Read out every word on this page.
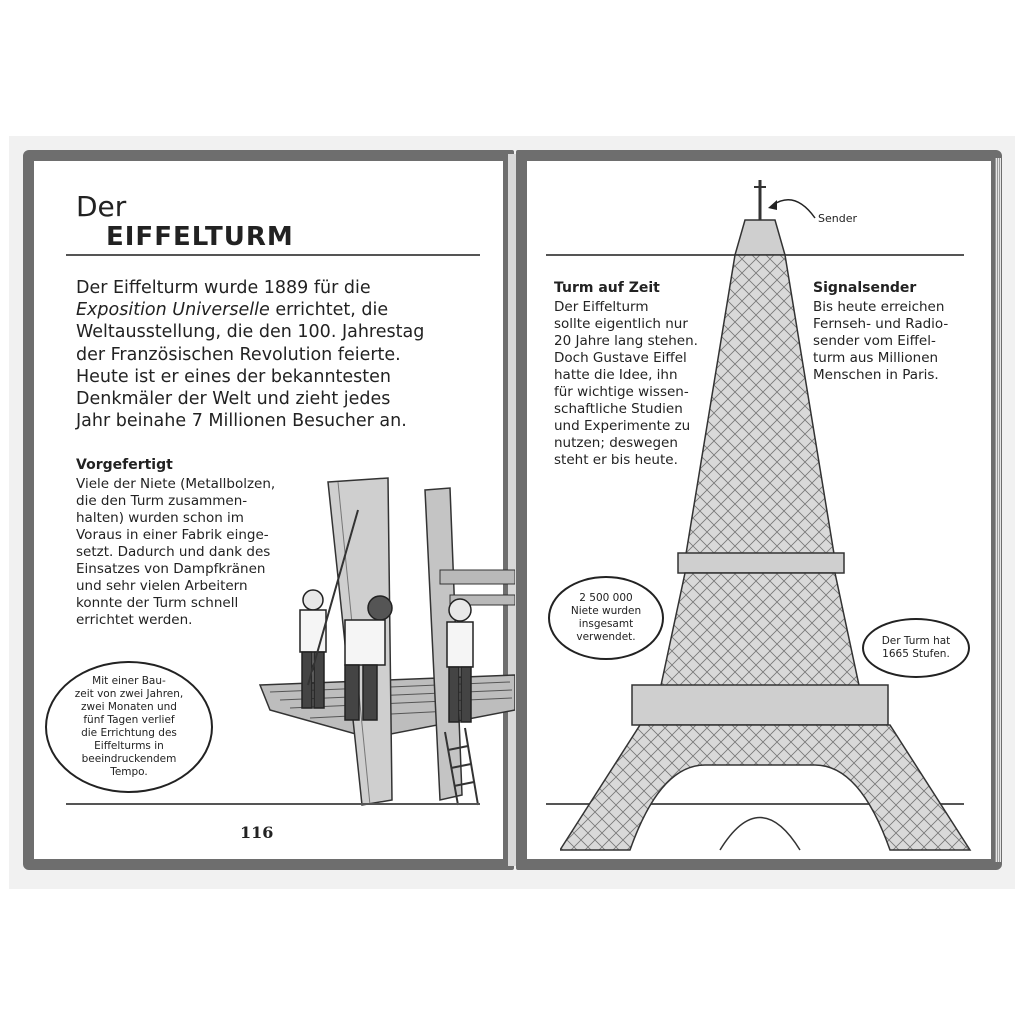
Der
EIFFELTURM
Der Eiffelturm wurde 1889 für die
Exposition Universelle errichtet, die
Weltausstellung, die den 100. Jahrestag
der Französischen Revolution feierte.
Heute ist er eines der bekanntesten
Denkmäler der Welt und zieht jedes
Jahr beinahe 7 Millionen Besucher an.
Vorgefertigt
Viele der Niete (Metallbolzen,
die den Turm zusammen-
halten) wurden schon im
Voraus in einer Fabrik einge-
setzt. Dadurch und dank des
Einsatzes von Dampfkränen
und sehr vielen Arbeitern
konnte der Turm schnell
errichtet werden.
Mit einer Bau-
zeit von zwei Jahren,
zwei Monaten und
fünf Tagen verlief
die Errichtung des
Eiffelturms in
beeindruckendem
Tempo.
116
Sender
Turm auf Zeit
Der Eiffelturm
sollte eigentlich nur
20 Jahre lang stehen.
Doch Gustave Eiffel
hatte die Idee, ihn
für wichtige wissen-
schaftliche Studien
und Experimente zu
nutzen; deswegen
steht er bis heute.
Signalsender
Bis heute erreichen
Fernseh- und Radio-
sender vom Eiffel-
turm aus Millionen
Menschen in Paris.
2 500 000
Niete wurden
insgesamt
verwendet.	Der Turm hat
1665 Stufen.
